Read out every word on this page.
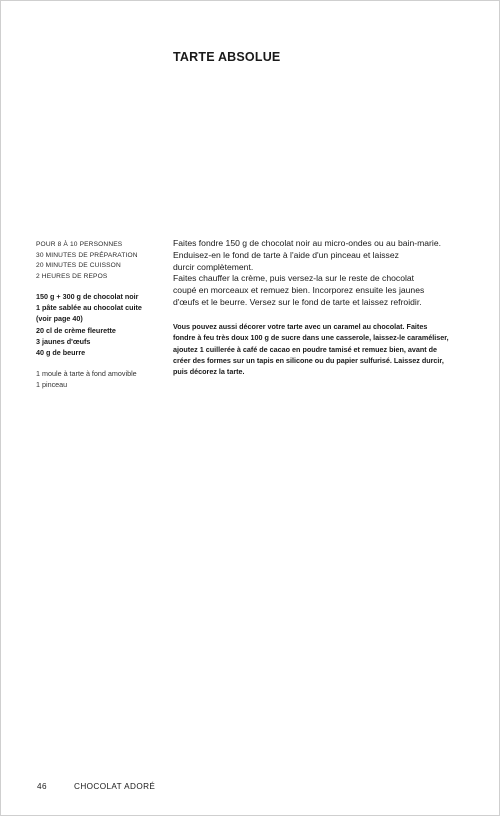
TARTE ABSOLUE
POUR 8 À 10 PERSONNES
30 MINUTES DE PRÉPARATION
20 MINUTES DE CUISSON
2 HEURES DE REPOS
150 g + 300 g de chocolat noir
1 pâte sablée au chocolat cuite
(voir page 40)
20 cl de crème fleurette
3 jaunes d'œufs
40 g de beurre
1 moule à tarte à fond amovible
1 pinceau
Faites fondre 150 g de chocolat noir au micro-ondes ou au bain-marie.
Enduisez-en le fond de tarte à l'aide d'un pinceau et laissez
durcir complètement.
Faites chauffer la crème, puis versez-la sur le reste de chocolat
coupé en morceaux et remuez bien. Incorporez ensuite les jaunes
d'œufs et le beurre. Versez sur le fond de tarte et laissez refroidir.
Vous pouvez aussi décorer votre tarte avec un caramel au chocolat. Faites
fondre à feu très doux 100 g de sucre dans une casserole, laissez-le caraméliser,
ajoutez 1 cuillerée à café de cacao en poudre tamisé et remuez bien, avant de
créer des formes sur un tapis en silicone ou du papier sulfurisé. Laissez durcir,
puis décorez la tarte.
46	CHOCOLAT ADORÉ
